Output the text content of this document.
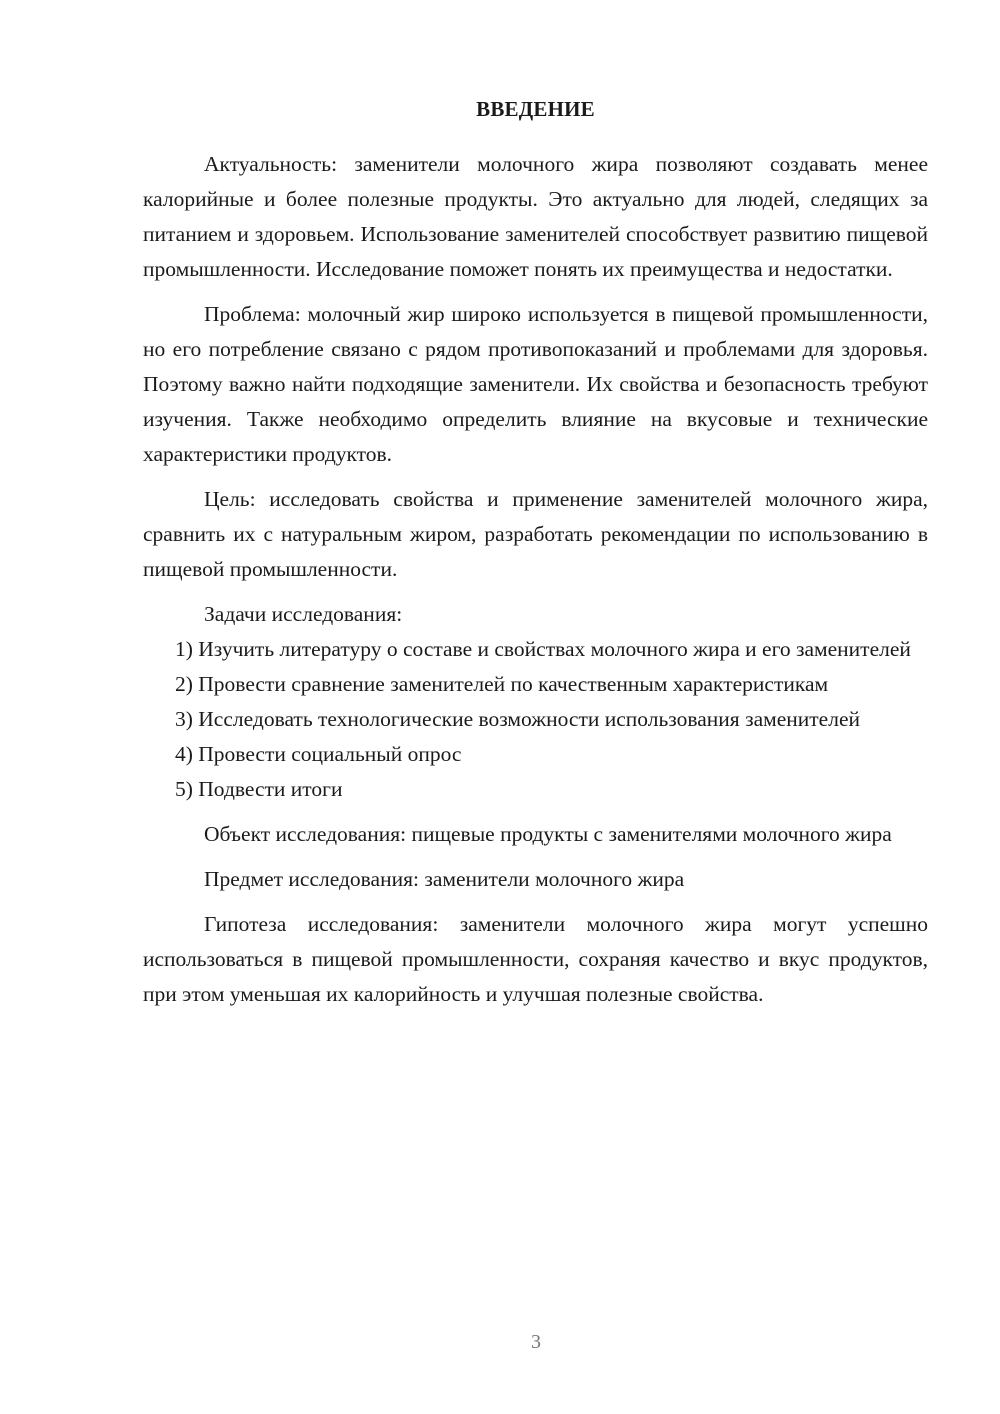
ВВЕДЕНИЕ

Актуальность: заменители молочного жира позволяют создавать менее калорийные и более полезные продукты. Это актуально для людей, следящих за питанием и здоровьем. Использование заменителей способствует развитию пищевой промышленности. Исследование поможет понять их преимущества и недостатки.

Проблема: молочный жир широко используется в пищевой промышленности, но его потребление связано с рядом противопоказаний и проблемами для здоровья. Поэтому важно найти подходящие заменители. Их свойства и безопасность требуют изучения. Также необходимо определить влияние на вкусовые и технические характеристики продуктов.

Цель: исследовать свойства и применение заменителей молочного жира, сравнить их с натуральным жиром, разработать рекомендации по использованию в пищевой промышленности.

Задачи исследования:

1) Изучить литературу о составе и свойствах молочного жира и его заменителей

2) Провести сравнение заменителей по качественным характеристикам

3) Исследовать технологические возможности использования заменителей

4) Провести социальный опрос

5) Подвести итоги

Объект исследования: пищевые продукты с заменителями молочного жира

Предмет исследования: заменители молочного жира

Гипотеза исследования: заменители молочного жира могут успешно использоваться в пищевой промышленности, сохраняя качество и вкус продуктов, при этом уменьшая их калорийность и улучшая полезные свойства.

3
